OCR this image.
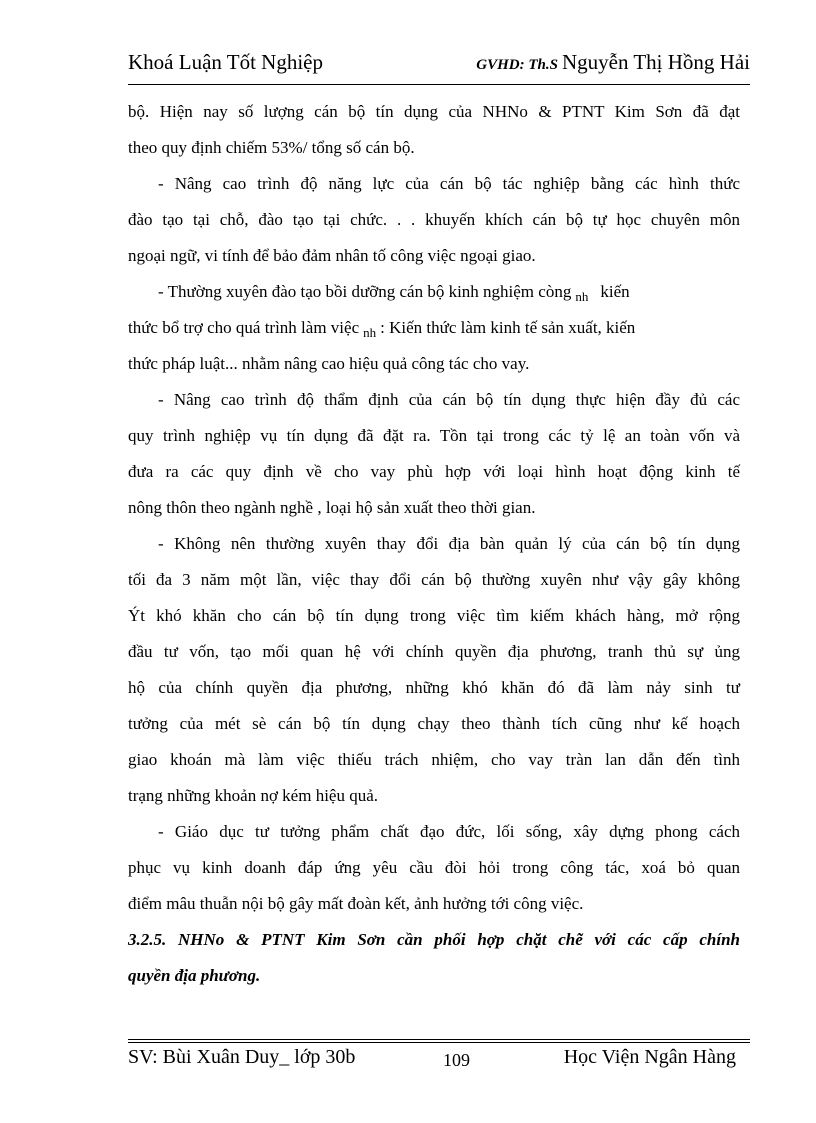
Khoá Luận Tốt Nghiệp	GVHD: Th.S Nguyễn Thị Hồng Hải
bộ. Hiện nay số lượng cán bộ tín dụng của NHNo & PTNT Kim Sơn đã đạt
theo quy định chiếm 53%/ tổng số cán bộ.
- Nâng cao trình độ năng lực của cán bộ tác nghiệp bằng các hình thức
đào tạo tại chỗ, đào tạo tại chức. . . khuyến khích cán bộ tự học chuyên môn
ngoại ngữ, vi tính để bảo đảm nhân tố công việc ngoại giao.
- Thường xuyên đào tạo bồi dưỡng cán bộ kinh nghiệm còng $_{nh}$ kiến
thức bổ trợ cho quá trình làm việc $_{nh}$ : Kiến thức làm kinh tế sản xuất, kiến
thức pháp luật... nhằm nâng cao hiệu quả công tác cho vay.
- Nâng cao trình độ thẩm định của cán bộ tín dụng thực hiện đầy đủ các
quy trình nghiệp vụ tín dụng đã đặt ra. Tồn tại trong các tỷ lệ an toàn vốn và
đưa ra các quy định về cho vay phù hợp với loại hình hoạt động kinh tế
nông thôn theo ngành nghề , loại hộ sản xuất theo thời gian.
- Không nên thường xuyên thay đổi địa bàn quản lý của cán bộ tín dụng
tối đa 3 năm một lần, việc thay đổi cán bộ thường xuyên như vậy gây không
Ýt khó khăn cho cán bộ tín dụng trong việc tìm kiếm khách hàng, mở rộng
đầu tư vốn, tạo mối quan hệ với chính quyền địa phương, tranh thủ sự ủng
hộ của chính quyền địa phương, những khó khăn đó đã làm nảy sinh tư
tưởng của mét sè cán bộ tín dụng chạy theo thành tích cũng như kế hoạch
giao khoán mà làm việc thiếu trách nhiệm, cho vay tràn lan dẫn đến tình
trạng những khoản nợ kém hiệu quả.
- Giáo dục tư tưởng phẩm chất đạo đức, lối sống, xây dựng phong cách
phục vụ kinh doanh đáp ứng yêu cầu đòi hỏi trong công tác, xoá bỏ quan
điểm mâu thuẫn nội bộ gây mất đoàn kết, ảnh hưởng tới công việc.
3.2.5. NHNo & PTNT Kim Sơn cần phối hợp chặt chẽ với các cấp chính
quyền địa phương.
SV: Bùi Xuân Duy_ lớp 30b	109	Học Viện Ngân Hàng
